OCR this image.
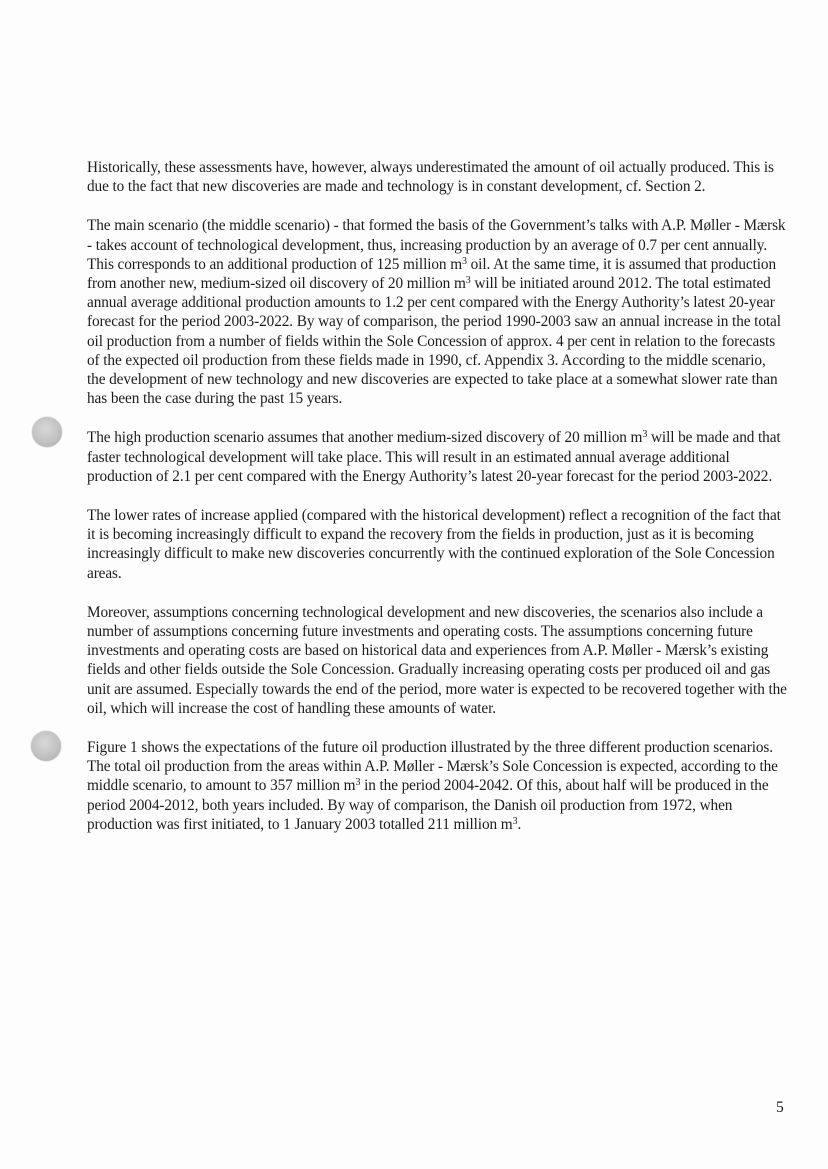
Historically, these assessments have, however, always underestimated the amount of oil actually produced. This is due to the fact that new discoveries are made and technology is in constant development, cf. Section 2.

The main scenario (the middle scenario) - that formed the basis of the Government’s talks with A.P. Møller - Mærsk - takes account of technological development, thus, increasing production by an average of 0.7 per cent annually. This corresponds to an additional production of 125 million $m^3$ oil. At the same time, it is assumed that production from another new, medium-sized oil discovery of 20 million $m^3$ will be initiated around 2012. The total estimated annual average additional production amounts to 1.2 per cent compared with the Energy Authority’s latest 20-year forecast for the period 2003-2022. By way of comparison, the period 1990-2003 saw an annual increase in the total oil production from a number of fields within the Sole Concession of approx. 4 per cent in relation to the forecasts of the expected oil production from these fields made in 1990, cf. Appendix 3. According to the middle scenario, the development of new technology and new discoveries are expected to take place at a somewhat slower rate than has been the case during the past 15 years.

The high production scenario assumes that another medium-sized discovery of 20 million $m^3$ will be made and that faster technological development will take place. This will result in an estimated annual average additional production of 2.1 per cent compared with the Energy Authority’s latest 20-year forecast for the period 2003-2022.

The lower rates of increase applied (compared with the historical development) reflect a recognition of the fact that it is becoming increasingly difficult to expand the recovery from the fields in production, just as it is becoming increasingly difficult to make new discoveries concurrently with the continued exploration of the Sole Concession areas.

Moreover, assumptions concerning technological development and new discoveries, the scenarios also include a number of assumptions concerning future investments and operating costs. The assumptions concerning future investments and operating costs are based on historical data and experiences from A.P. Møller - Mærsk’s existing fields and other fields outside the Sole Concession. Gradually increasing operating costs per produced oil and gas unit are assumed. Especially towards the end of the period, more water is expected to be recovered together with the oil, which will increase the cost of handling these amounts of water.

Figure 1 shows the expectations of the future oil production illustrated by the three different production scenarios. The total oil production from the areas within A.P. Møller - Mærsk’s Sole Concession is expected, according to the middle scenario, to amount to 357 million $m^3$ in the period 2004-2042. Of this, about half will be produced in the period 2004-2012, both years included. By way of comparison, the Danish oil production from 1972, when production was first initiated, to 1 January 2003 totalled 211 million $m^3$.

5
